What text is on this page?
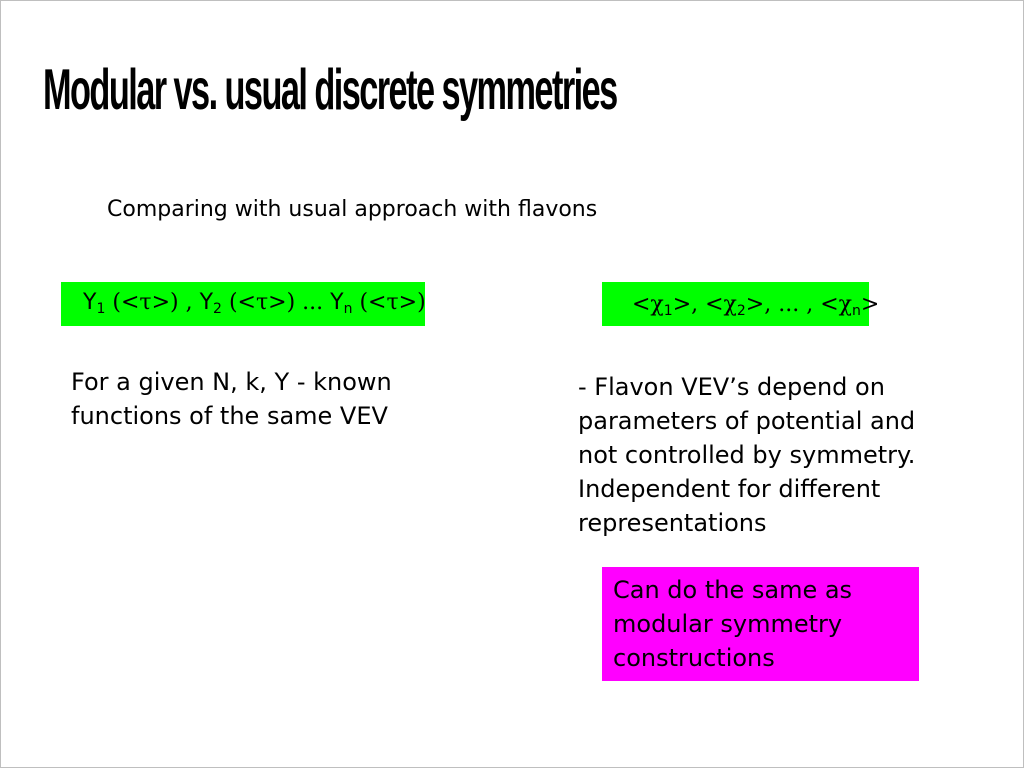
Modular vs. usual discrete symmetries
Comparing with usual approach with flavons
$Y_1$ (<τ>) , $Y_2$ (<τ>) ... $Y_n$ (<τ>)	$<\chi_1>$, $<\chi_2>$, ... , $<\chi_n>$
For a given N, k, Y - known
functions of the same VEV
- Flavon VEV’s depend on
parameters of potential and
not controlled by symmetry.
Independent for different
representations
Can do the same as
modular symmetry
constructions
